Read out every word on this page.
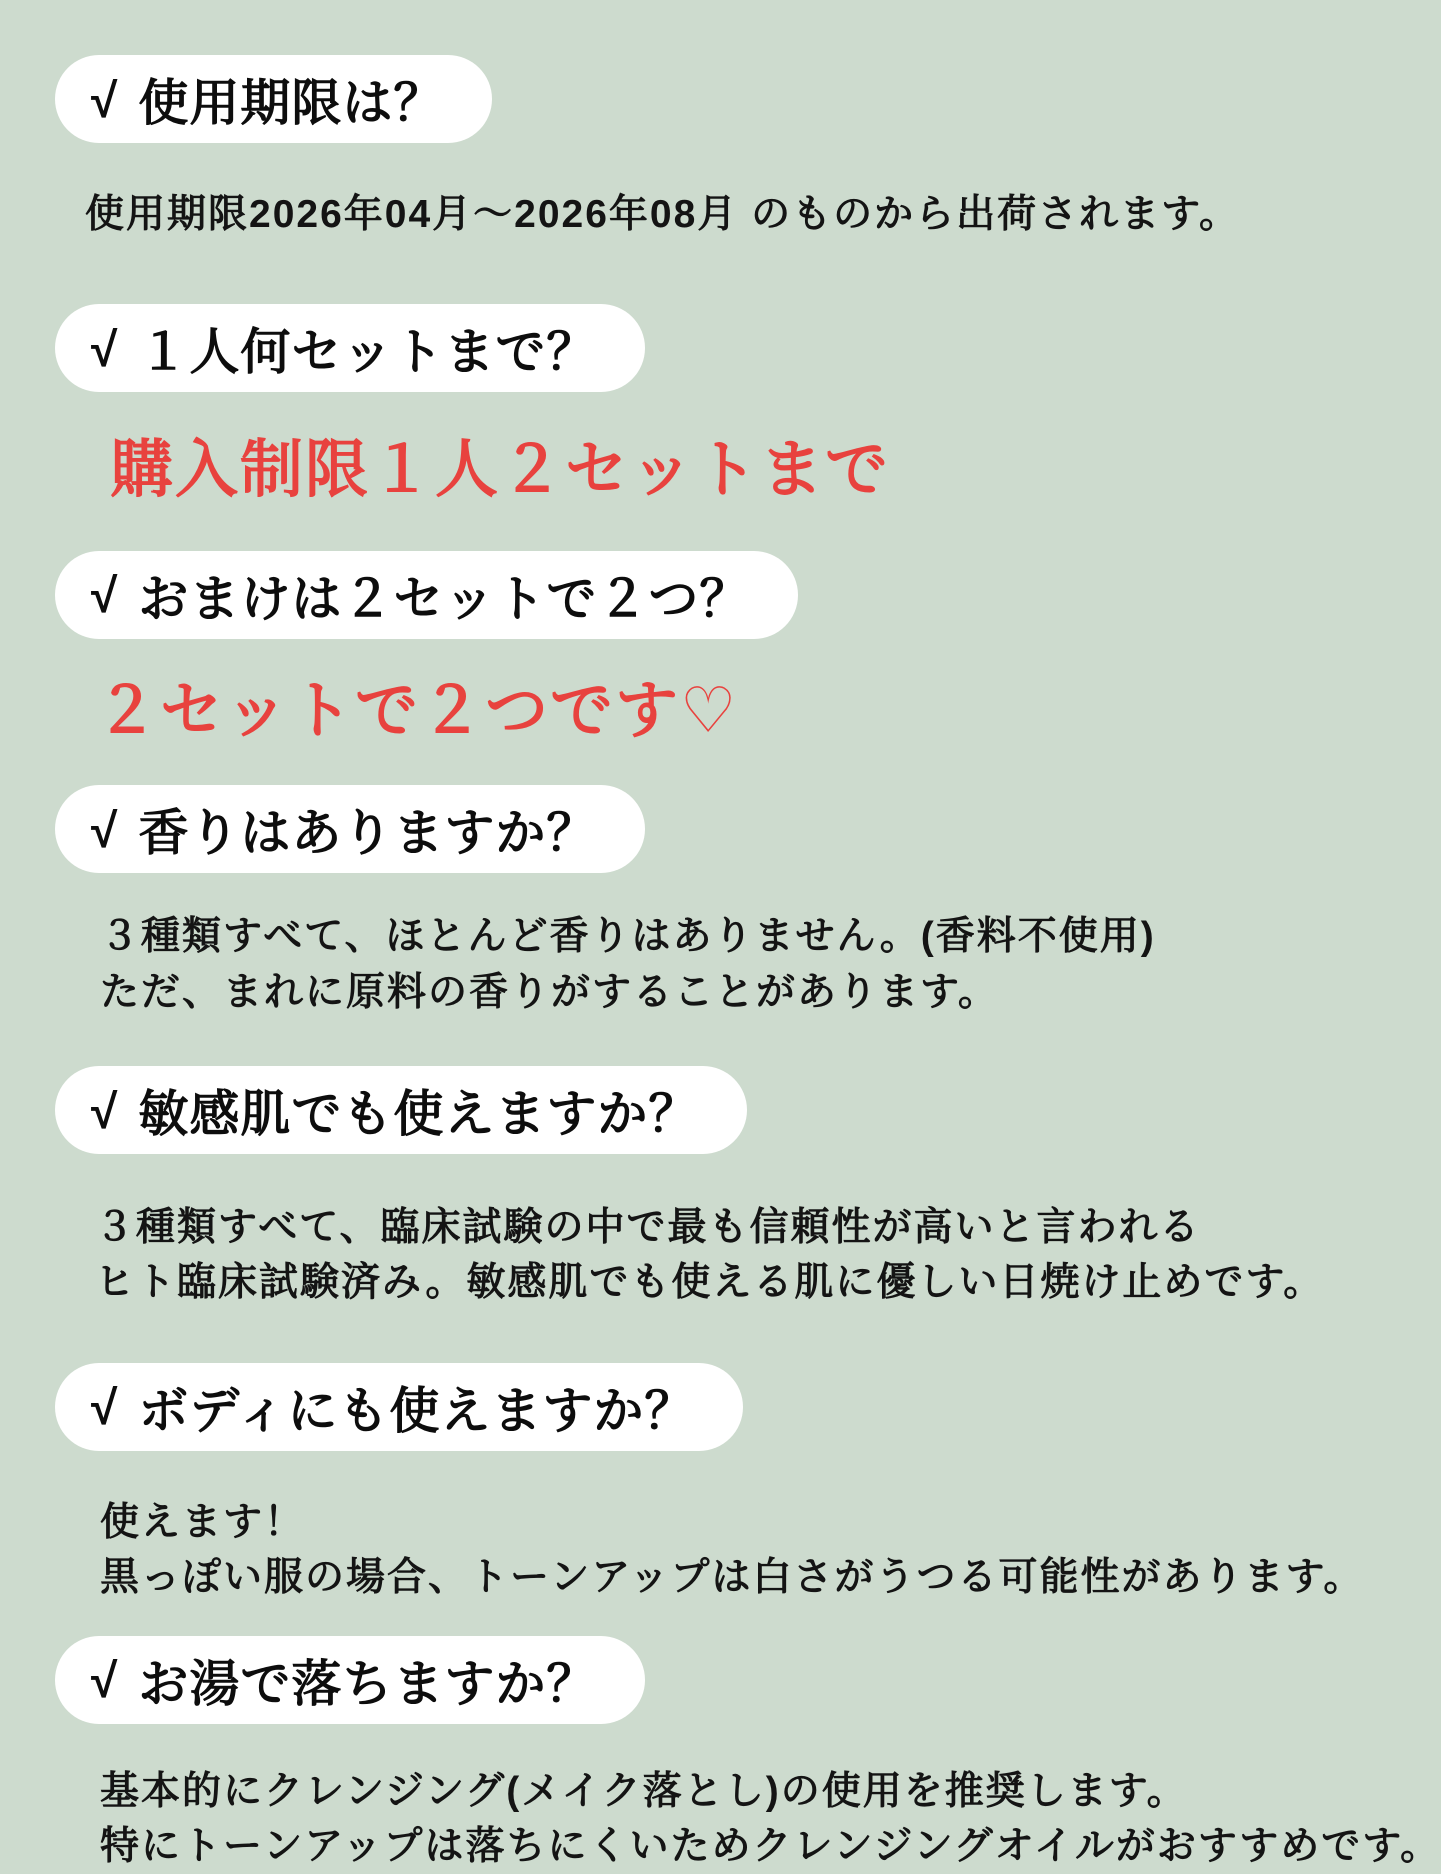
√ 使用期限は？

使用期限2026年04月〜2026年08月 のものから出荷されます。

√ １人何セットまで？

購入制限１人２セットまで

√ おまけは２セットで２つ？

２セットで２つです♡

√ 香りはありますか？

３種類すべて、ほとんど香りはありません。(香料不使用)

ただ、まれに原料の香りがすることがあります。

√ 敏感肌でも使えますか？

３種類すべて、臨床試験の中で最も信頼性が高いと言われる

ヒト臨床試験済み。敏感肌でも使える肌に優しい日焼け止めです。

√ ボディにも使えますか？

使えます！

黒っぽい服の場合、トーンアップは白さがうつる可能性があります。

√ お湯で落ちますか？

基本的にクレンジング(メイク落とし)の使用を推奨します。

特にトーンアップは落ちにくいためクレンジングオイルがおすすめです。
